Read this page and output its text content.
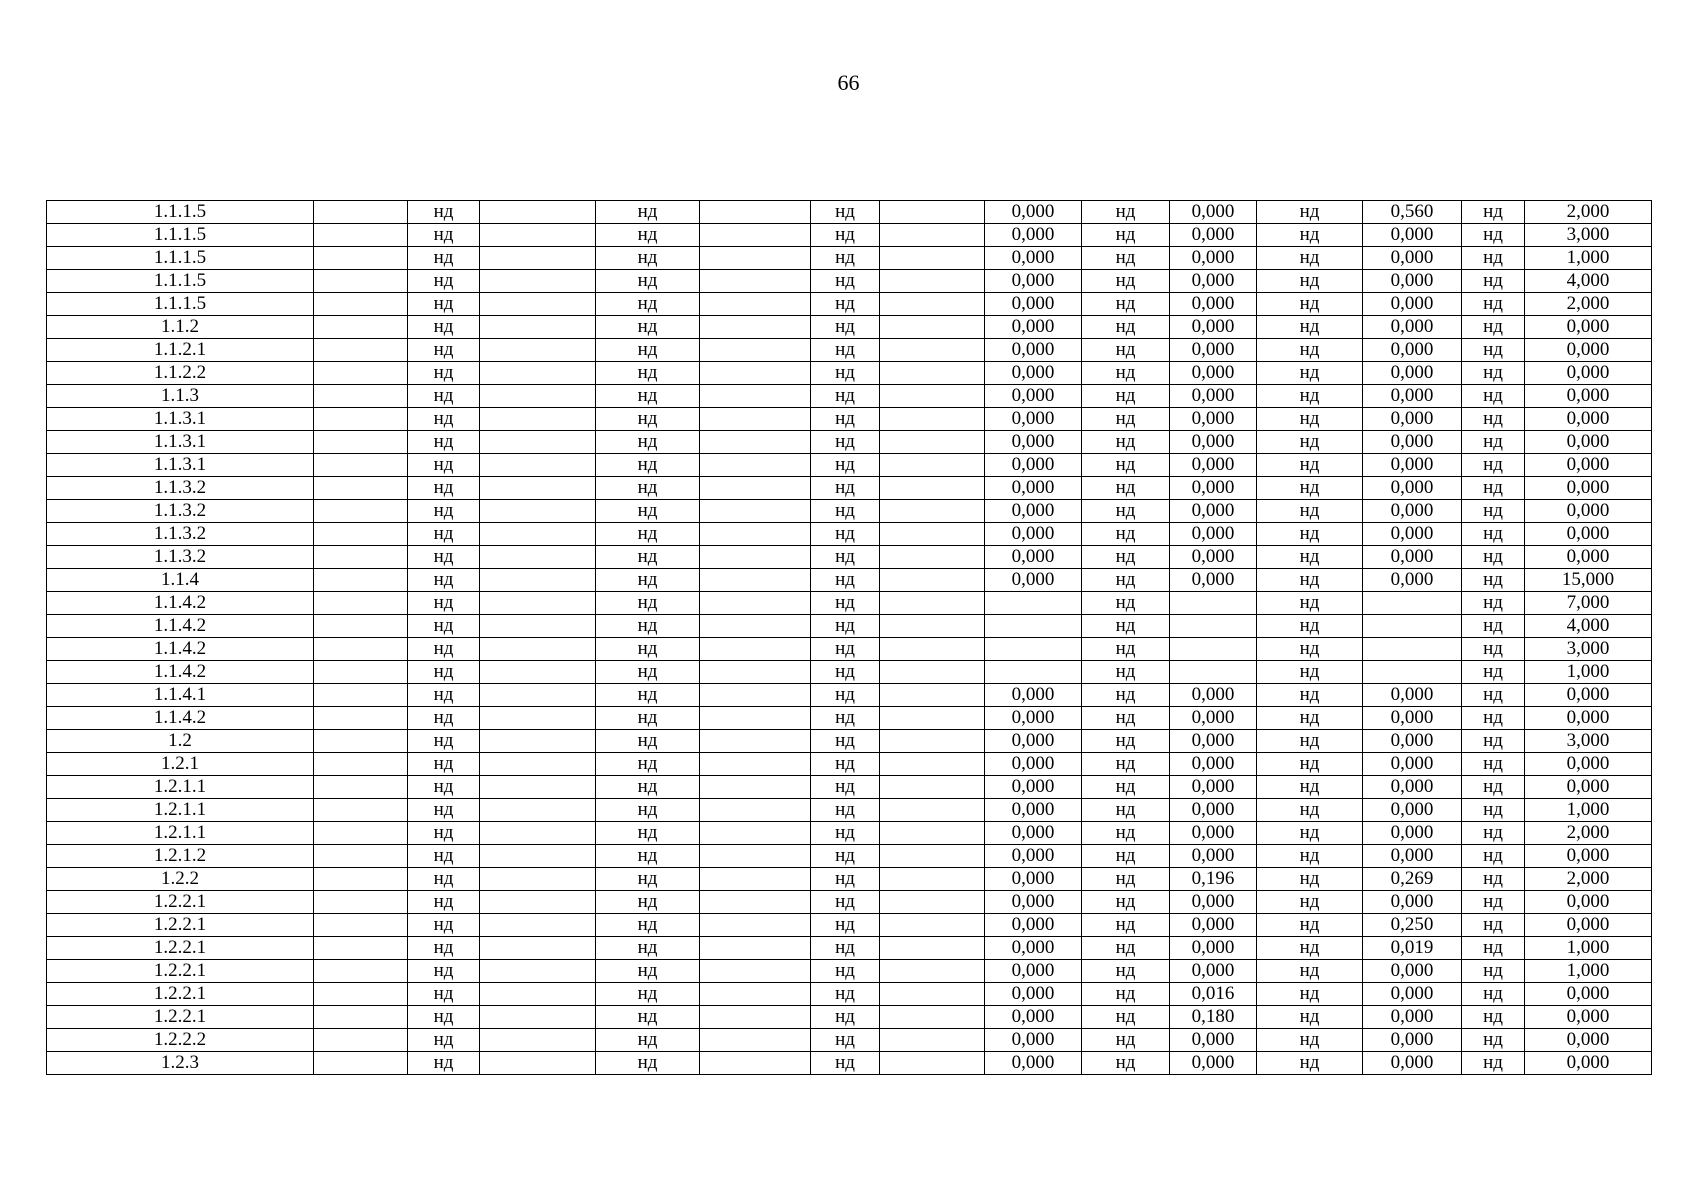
66
1.1.1.5		нд		нд		нд		0,000	нд	0,000	нд	0,560	нд	2,000
1.1.1.5		нд		нд		нд		0,000	нд	0,000	нд	0,000	нд	3,000
1.1.1.5		нд		нд		нд		0,000	нд	0,000	нд	0,000	нд	1,000
1.1.1.5		нд		нд		нд		0,000	нд	0,000	нд	0,000	нд	4,000
1.1.1.5		нд		нд		нд		0,000	нд	0,000	нд	0,000	нд	2,000
1.1.2		нд		нд		нд		0,000	нд	0,000	нд	0,000	нд	0,000
1.1.2.1		нд		нд		нд		0,000	нд	0,000	нд	0,000	нд	0,000
1.1.2.2		нд		нд		нд		0,000	нд	0,000	нд	0,000	нд	0,000
1.1.3		нд		нд		нд		0,000	нд	0,000	нд	0,000	нд	0,000
1.1.3.1		нд		нд		нд		0,000	нд	0,000	нд	0,000	нд	0,000
1.1.3.1		нд		нд		нд		0,000	нд	0,000	нд	0,000	нд	0,000
1.1.3.1		нд		нд		нд		0,000	нд	0,000	нд	0,000	нд	0,000
1.1.3.2		нд		нд		нд		0,000	нд	0,000	нд	0,000	нд	0,000
1.1.3.2		нд		нд		нд		0,000	нд	0,000	нд	0,000	нд	0,000
1.1.3.2		нд		нд		нд		0,000	нд	0,000	нд	0,000	нд	0,000
1.1.3.2		нд		нд		нд		0,000	нд	0,000	нд	0,000	нд	0,000
1.1.4		нд		нд		нд		0,000	нд	0,000	нд	0,000	нд	15,000
1.1.4.2		нд		нд		нд			нд		нд		нд	7,000
1.1.4.2		нд		нд		нд			нд		нд		нд	4,000
1.1.4.2		нд		нд		нд			нд		нд		нд	3,000
1.1.4.2		нд		нд		нд			нд		нд		нд	1,000
1.1.4.1		нд		нд		нд		0,000	нд	0,000	нд	0,000	нд	0,000
1.1.4.2		нд		нд		нд		0,000	нд	0,000	нд	0,000	нд	0,000
1.2		нд		нд		нд		0,000	нд	0,000	нд	0,000	нд	3,000
1.2.1		нд		нд		нд		0,000	нд	0,000	нд	0,000	нд	0,000
1.2.1.1		нд		нд		нд		0,000	нд	0,000	нд	0,000	нд	0,000
1.2.1.1		нд		нд		нд		0,000	нд	0,000	нд	0,000	нд	1,000
1.2.1.1		нд		нд		нд		0,000	нд	0,000	нд	0,000	нд	2,000
1.2.1.2		нд		нд		нд		0,000	нд	0,000	нд	0,000	нд	0,000
1.2.2		нд		нд		нд		0,000	нд	0,196	нд	0,269	нд	2,000
1.2.2.1		нд		нд		нд		0,000	нд	0,000	нд	0,000	нд	0,000
1.2.2.1		нд		нд		нд		0,000	нд	0,000	нд	0,250	нд	0,000
1.2.2.1		нд		нд		нд		0,000	нд	0,000	нд	0,019	нд	1,000
1.2.2.1		нд		нд		нд		0,000	нд	0,000	нд	0,000	нд	1,000
1.2.2.1		нд		нд		нд		0,000	нд	0,016	нд	0,000	нд	0,000
1.2.2.1		нд		нд		нд		0,000	нд	0,180	нд	0,000	нд	0,000
1.2.2.2		нд		нд		нд		0,000	нд	0,000	нд	0,000	нд	0,000
1.2.3		нд		нд		нд		0,000	нд	0,000	нд	0,000	нд	0,000
